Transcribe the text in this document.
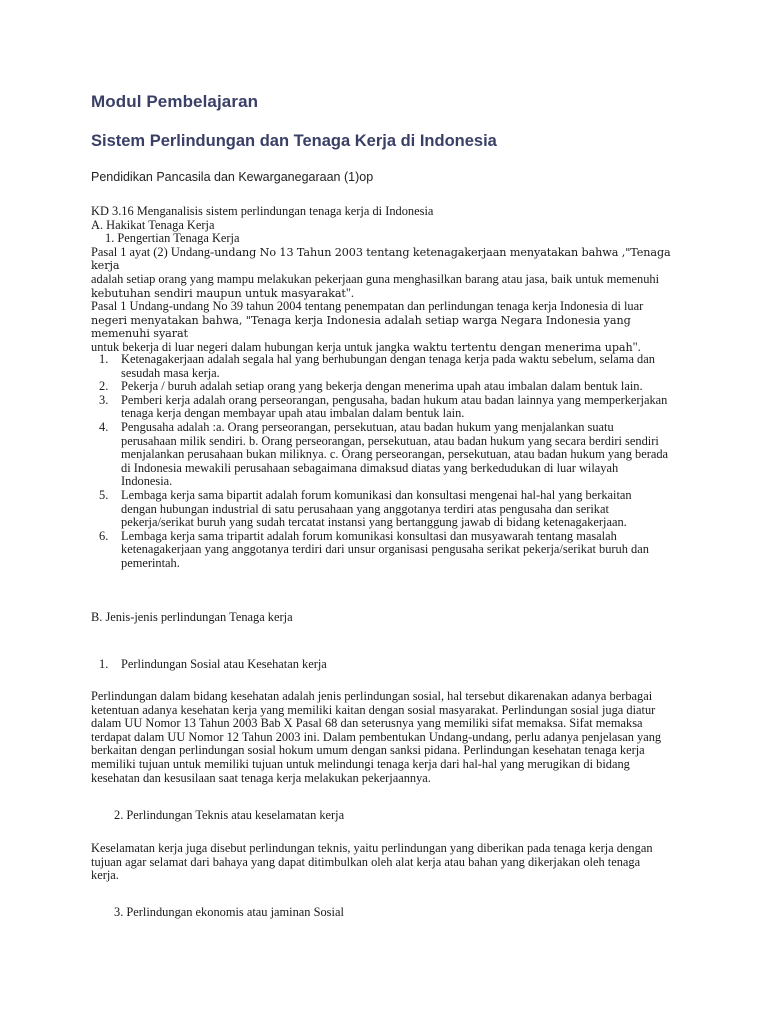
Modul Pembelajaran
Sistem Perlindungan dan Tenaga Kerja di Indonesia

Pendidikan Pancasila dan Kewarganegaraan (1)op

KD 3.16 Menganalisis sistem perlindungan tenaga kerja di Indonesia

A. Hakikat Tenaga Kerja

1. Pengertian Tenaga Kerja

Pasal 1 ayat (2) Undang-undang No 13 Tahun 2003 tentang ketenagakerjaan menyatakan bahwa ,"Tenaga kerja

adalah setiap orang yang mampu melakukan pekerjaan guna menghasilkan barang atau jasa, baik untuk memenuhi

kebutuhan sendiri maupun untuk masyarakat".

Pasal 1 Undang-undang No 39 tahun 2004 tentang penempatan dan perlindungan tenaga kerja Indonesia di luar

negeri menyatakan bahwa, "Tenaga kerja Indonesia adalah setiap warga Negara Indonesia yang memenuhi syarat

untuk bekerja di luar negeri dalam hubungan kerja untuk jangka waktu tertentu dengan menerima upah".

1. Ketenagakerjaan adalah segala hal yang berhubungan dengan tenaga kerja pada waktu sebelum, selama dan
sesudah masa kerja.
2. Pekerja / buruh adalah setiap orang yang bekerja dengan menerima upah atau imbalan dalam bentuk lain.
3. Pemberi kerja adalah orang perseorangan, pengusaha, badan hukum atau badan lainnya yang memperkerjakan
tenaga kerja dengan membayar upah atau imbalan dalam bentuk lain.
4. Pengusaha adalah :a. Orang perseorangan, persekutuan, atau badan hukum yang menjalankan suatu
perusahaan milik sendiri. b. Orang perseorangan, persekutuan, atau badan hukum yang secara berdiri sendiri
menjalankan perusahaan bukan miliknya. c. Orang perseorangan, persekutuan, atau badan hukum yang berada
di Indonesia mewakili perusahaan sebagaimana dimaksud diatas yang berkedudukan di luar wilayah
Indonesia.
5. Lembaga kerja sama bipartit adalah forum komunikasi dan konsultasi mengenai hal-hal yang berkaitan
dengan hubungan industrial di satu perusahaan yang anggotanya terdiri atas pengusaha dan serikat
pekerja/serikat buruh yang sudah tercatat instansi yang bertanggung jawab di bidang ketenagakerjaan.
6. Lembaga kerja sama tripartit adalah forum komunikasi konsultasi dan musyawarah tentang masalah
ketenagakerjaan yang anggotanya terdiri dari unsur organisasi pengusaha serikat pekerja/serikat buruh dan
pemerintah.
B. Jenis-jenis perlindungan Tenaga kerja
1. Perlindungan Sosial atau Kesehatan kerja

Perlindungan dalam bidang kesehatan adalah jenis perlindungan sosial, hal tersebut dikarenakan adanya berbagai

ketentuan adanya kesehatan kerja yang memiliki kaitan dengan sosial masyarakat. Perlindungan sosial juga diatur

dalam UU Nomor 13 Tahun 2003 Bab X Pasal 68 dan seterusnya yang memiliki sifat memaksa. Sifat memaksa

terdapat dalam UU Nomor 12 Tahun 2003 ini. Dalam pembentukan Undang-undang, perlu adanya penjelasan yang

berkaitan dengan perlindungan sosial hokum umum dengan sanksi pidana. Perlindungan kesehatan tenaga kerja

memiliki tujuan untuk memiliki tujuan untuk melindungi tenaga kerja dari hal-hal yang merugikan di bidang

kesehatan dan kesusilaan saat tenaga kerja melakukan pekerjaannya.

2. Perlindungan Teknis atau keselamatan kerja

Keselamatan kerja juga disebut perlindungan teknis, yaitu perlindungan yang diberikan pada tenaga kerja dengan

tujuan agar selamat dari bahaya yang dapat ditimbulkan oleh alat kerja atau bahan yang dikerjakan oleh tenaga

kerja.

3. Perlindungan ekonomis atau jaminan Sosial
